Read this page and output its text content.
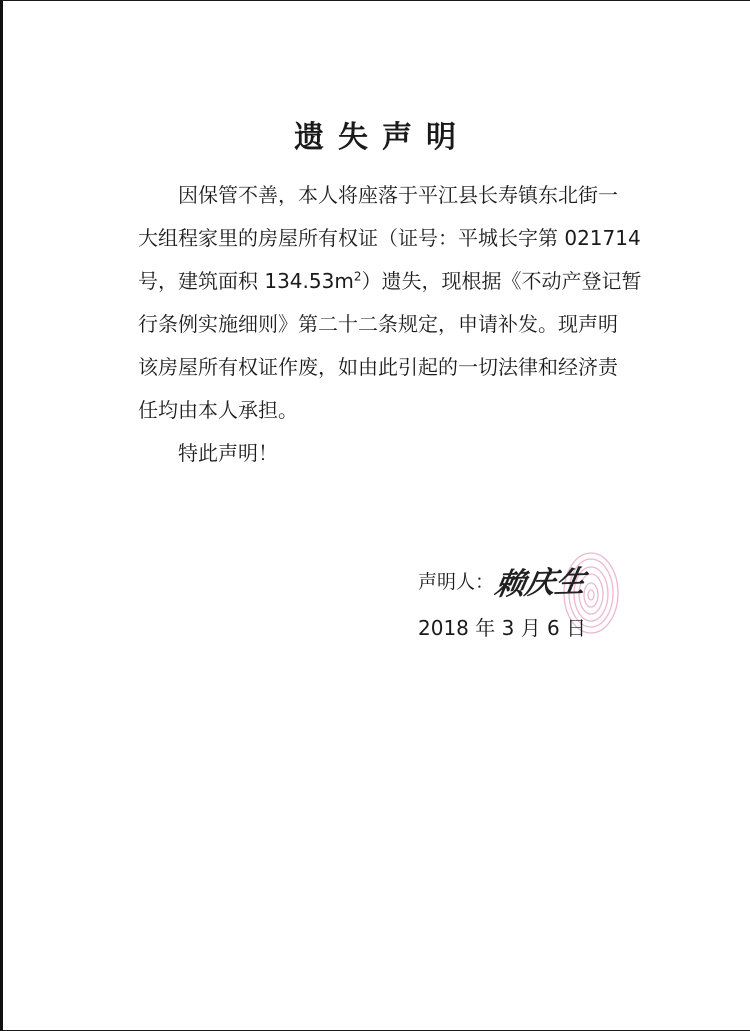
遗失声明

因保管不善，本人将座落于平江县长寿镇东北街一
大组程家里的房屋所有权证（证号：平城长字第 021714
号，建筑面积 $134.53m^2$）遗失，现根据《不动产登记暂
行条例实施细则》第二十二条规定，申请补发。现声明
该房屋所有权证作废，如由此引起的一切法律和经济责
任均由本人承担。

特此声明！

声明人：
赖庆生
2018 年 3 月 6 日
